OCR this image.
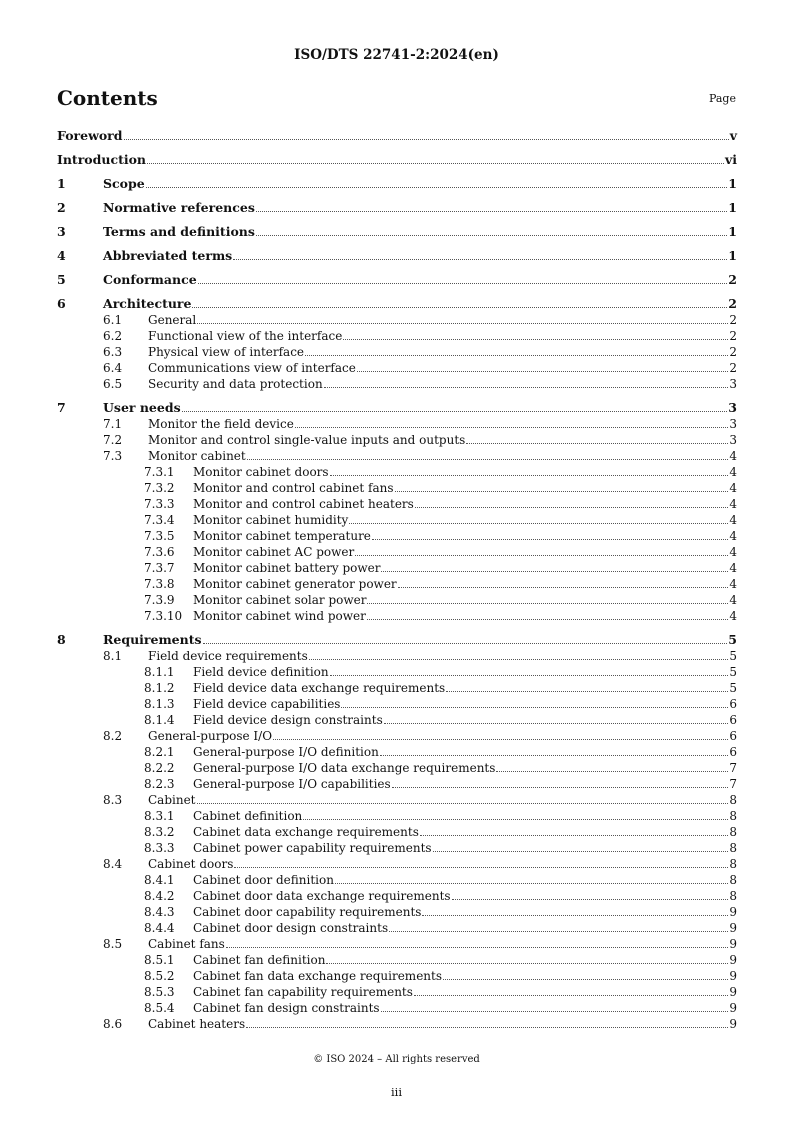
ISO/DTS 22741-2:2024(en)
Contents	Page
Foreword	v
Introduction	vi
1	Scope	1
2	Normative references	1
3	Terms and definitions	1
4	Abbreviated terms	1
5	Conformance	2
6	Architecture	2
6.1 General	2
6.2 Functional view of the interface	2
6.3 Physical view of interface	2
6.4 Communications view of interface	2
6.5 Security and data protection	3
7	User needs	3
7.1 Monitor the field device	3
7.2 Monitor and control single-value inputs and outputs	3
7.3 Monitor cabinet	4
7.3.1 Monitor cabinet doors	4
7.3.2 Monitor and control cabinet fans	4
7.3.3 Monitor and control cabinet heaters	4
7.3.4 Monitor cabinet humidity	4
7.3.5 Monitor cabinet temperature	4
7.3.6 Monitor cabinet AC power	4
7.3.7 Monitor cabinet battery power	4
7.3.8 Monitor cabinet generator power	4
7.3.9 Monitor cabinet solar power	4
7.3.10 Monitor cabinet wind power	4
8	Requirements	5
8.1 Field device requirements	5
8.1.1 Field device definition	5
8.1.2 Field device data exchange requirements	5
8.1.3 Field device capabilities	6
8.1.4 Field device design constraints	6
8.2 General-purpose I/O	6
8.2.1 General-purpose I/O definition	6
8.2.2 General-purpose I/O data exchange requirements	7
8.2.3 General-purpose I/O capabilities	7
8.3 Cabinet	8
8.3.1 Cabinet definition	8
8.3.2 Cabinet data exchange requirements	8
8.3.3 Cabinet power capability requirements	8
8.4 Cabinet doors	8
8.4.1 Cabinet door definition	8
8.4.2 Cabinet door data exchange requirements	8
8.4.3 Cabinet door capability requirements	9
8.4.4 Cabinet door design constraints	9
8.5 Cabinet fans	9
8.5.1 Cabinet fan definition	9
8.5.2 Cabinet fan data exchange requirements	9
8.5.3 Cabinet fan capability requirements	9
8.5.4 Cabinet fan design constraints	9
8.6 Cabinet heaters	9
© ISO 2024 – All rights reserved
iii
